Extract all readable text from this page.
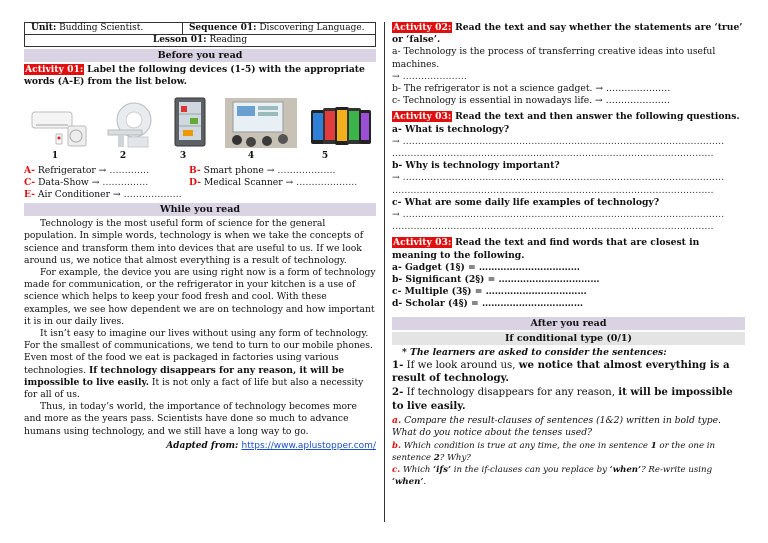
Unit: Budding Scientist.	Sequence 01: Discovering Language.
Lesson 01: Reading
Before you read
Activity 01: Label the following devices (1-5) with the appropriate words (A-E) from the list below.
1	2	3	4	5
A- Refrigerator → ………….	B- Smart phone → ……………….
C- Data-Show → ……………	D- Medical Scanner → ………………..
E- Air Conditioner → ……………….
While you read

Technology is the most useful form of science for the general population. In simple words, technology is when we take the concepts of science and transform them into devices that are useful to us. If we look around us, we notice that almost everything is a result of technology.

For example, the device you are using right now is a form of technology made for communication, or the refrigerator in your kitchen is a use of science which helps to keep your food fresh and cool. With these examples, we see how dependent we are on technology and how important it is in our daily lives.

It isn’t easy to imagine our lives without using any form of technology. For the smallest of communications, we tend to turn to our mobile phones. Even most of the food we eat is packaged in factories using various technologies. If technology disappears for any reason, it will be impossible to live easily. It is not only a fact of life but also a necessity for all of us.

Thus, in today’s world, the importance of technology becomes more and more as the years pass. Scientists have done so much to advance humans using technology, and we still have a long way to go.

Adapted from: https://www.aplustopper.com/
Activity 02: Read the text and say whether the statements are ‘true’ or ‘false’.
a- Technology is the process of transferring creative ideas into useful machines.
→ …………………
b- The refrigerator is not a science gadget. → …………………
c- Technology is essential in nowadays life. → …………………
Activity 03: Read the text and then answer the following questions.
a- What is technology?
→ ……………………………………………………………………………………………
……………………………………………………………………………………………
b- Why is technology important?
→ ……………………………………………………………………………………………
……………………………………………………………………………………………
c- What are some daily life examples of technology?
→ ……………………………………………………………………………………………
……………………………………………………………………………………………
Activity 03: Read the text and find words that are closest in meaning to the following.
a- Gadget (1§) = ……………………………
b- Significant (2§) = ……………………………
c- Multiple (3§) = ……………………………
d- Scholar (4§) = ……………………………
After you read
If conditional type (0/1)
* The learners are asked to consider the sentences:
1- If we look around us, we notice that almost everything is a result of technology.
2- If technology disappears for any reason, it will be impossible to live easily.
a. Compare the result-clauses of sentences (1&2) written in bold type.
What do you notice about the tenses used?
b. Which condition is true at any time, the one in sentence 1 or the one in sentence 2? Why?
c. Which ‘ifs’ in the if-clauses can you replace by ‘when’? Re-write using ‘when’.
